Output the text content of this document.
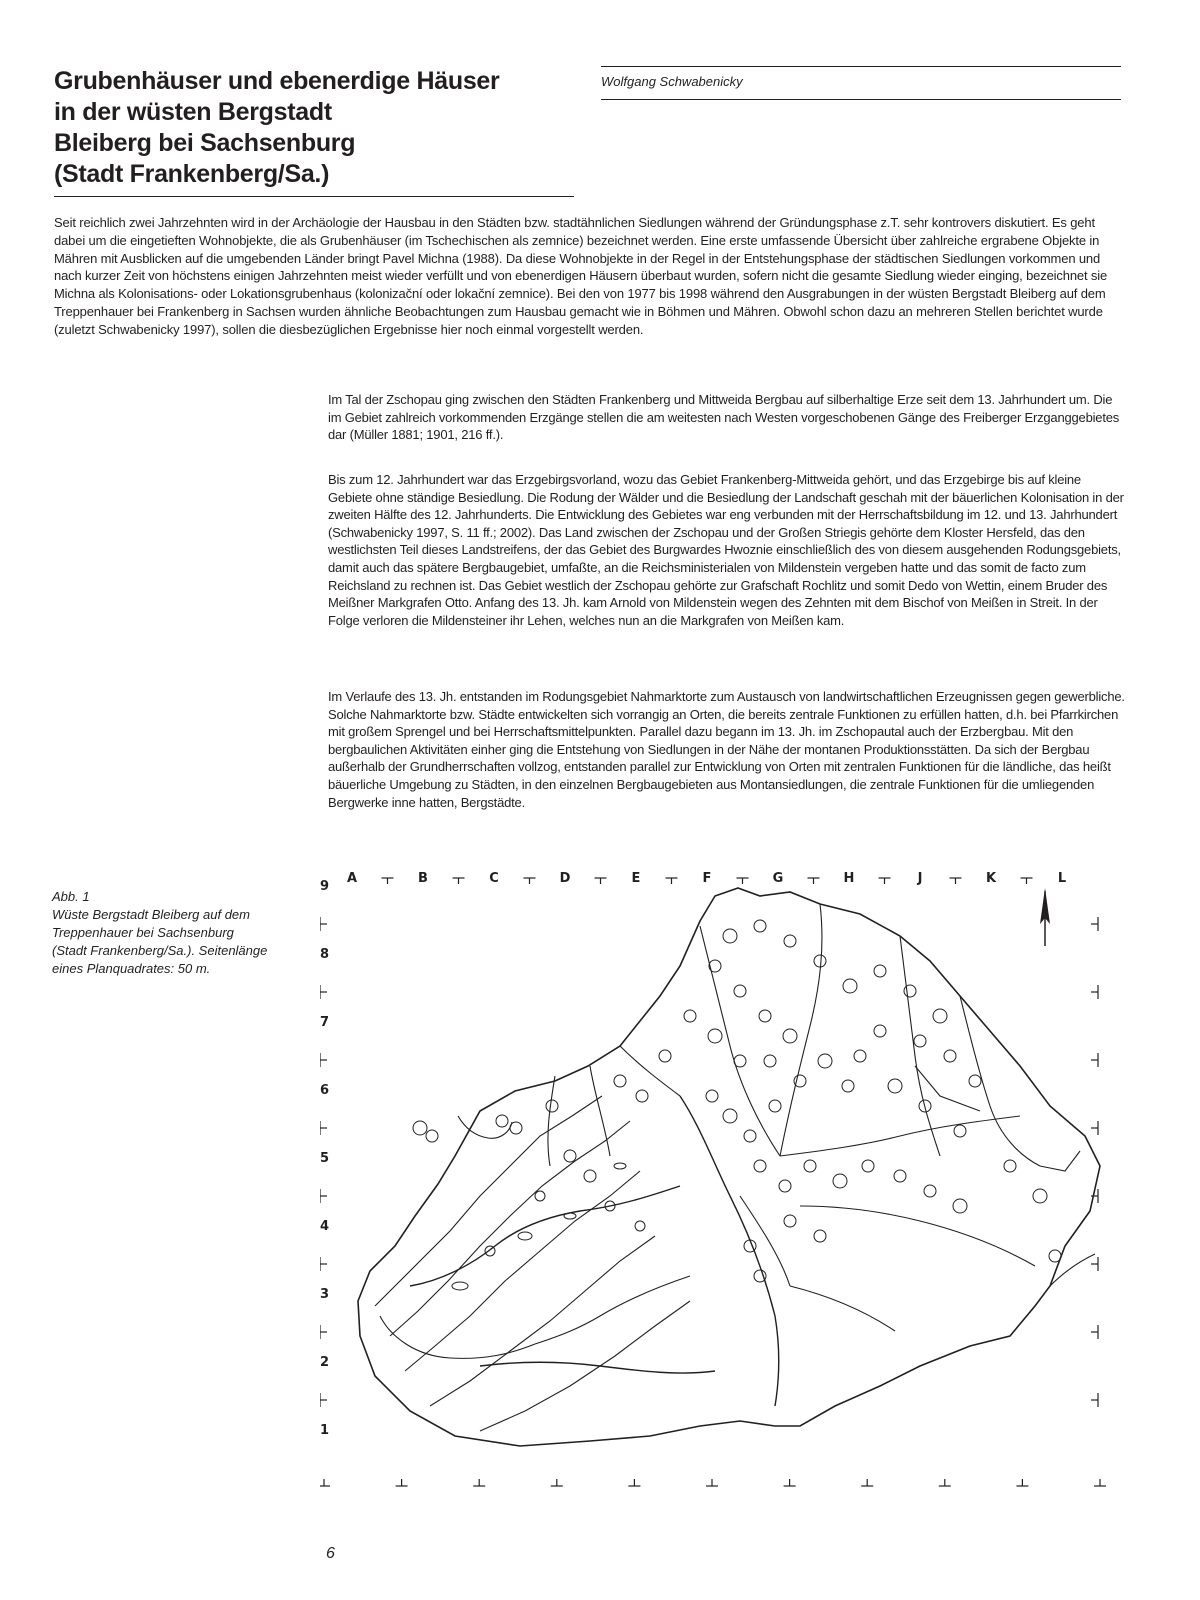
Grubenhäuser und ebenerdige Häuser
in der wüsten Bergstadt
Bleiberg bei Sachsenburg
(Stadt Frankenberg/Sa.)
Wolfgang Schwabenicky

Seit reichlich zwei Jahrzehnten wird in der Archäologie der Hausbau in den Städten bzw. stadtähnlichen Siedlungen während der Gründungsphase z.T. sehr kontrovers diskutiert. Es geht dabei um die eingetieften Wohnobjekte, die als Grubenhäuser (im Tschechischen als zemnice) bezeichnet werden. Eine erste umfassende Übersicht über zahlreiche ergrabene Objekte in Mähren mit Ausblicken auf die umgebenden Länder bringt Pavel Michna (1988). Da diese Wohnobjekte in der Regel in der Entstehungsphase der städtischen Siedlungen vorkommen und nach kurzer Zeit von höchstens einigen Jahrzehnten meist wieder verfüllt und von ebenerdigen Häusern überbaut wurden, sofern nicht die gesamte Siedlung wieder einging, bezeichnet sie Michna als Kolonisations- oder Lokationsgrubenhaus (kolonizační oder lokační zemnice). Bei den von 1977 bis 1998 während den Ausgrabungen in der wüsten Bergstadt Bleiberg auf dem Treppenhauer bei Frankenberg in Sachsen wurden ähnliche Beobachtungen zum Hausbau gemacht wie in Böhmen und Mähren. Obwohl schon dazu an mehreren Stellen berichtet wurde (zuletzt Schwabenicky 1997), sollen die diesbezüglichen Ergebnisse hier noch einmal vorgestellt werden.

Im Tal der Zschopau ging zwischen den Städten Frankenberg und Mittweida Bergbau auf silberhaltige Erze seit dem 13. Jahrhundert um. Die im Gebiet zahlreich vorkommenden Erzgänge stellen die am weitesten nach Westen vorgeschobenen Gänge des Freiberger Erzganggebietes dar (Müller 1881; 1901, 216 ff.).

Bis zum 12. Jahrhundert war das Erzgebirgsvorland, wozu das Gebiet Frankenberg-Mittweida gehört, und das Erzgebirge bis auf kleine Gebiete ohne ständige Besiedlung. Die Rodung der Wälder und die Besiedlung der Landschaft geschah mit der bäuerlichen Kolonisation in der zweiten Hälfte des 12. Jahrhunderts. Die Entwicklung des Gebietes war eng verbunden mit der Herrschaftsbildung im 12. und 13. Jahrhundert (Schwabenicky 1997, S. 11 ff.; 2002). Das Land zwischen der Zschopau und der Großen Striegis gehörte dem Kloster Hersfeld, das den westlichsten Teil dieses Landstreifens, der das Gebiet des Burgwardes Hwoznie einschließlich des von diesem ausgehenden Rodungsgebiets, damit auch das spätere Bergbaugebiet, umfaßte, an die Reichsministerialen von Mildenstein vergeben hatte und das somit de facto zum Reichsland zu rechnen ist. Das Gebiet westlich der Zschopau gehörte zur Grafschaft Rochlitz und somit Dedo von Wettin, einem Bruder des Meißner Markgrafen Otto. Anfang des 13. Jh. kam Arnold von Mildenstein wegen des Zehnten mit dem Bischof von Meißen in Streit. In der Folge verloren die Mildensteiner ihr Lehen, welches nun an die Markgrafen von Meißen kam.

Im Verlaufe des 13. Jh. entstanden im Rodungsgebiet Nahmarktorte zum Austausch von landwirtschaftlichen Erzeugnissen gegen gewerbliche. Solche Nahmarktorte bzw. Städte entwickelten sich vorrangig an Orten, die bereits zentrale Funktionen zu erfüllen hatten, d.h. bei Pfarrkirchen mit großem Sprengel und bei Herrschaftsmittelpunkten. Parallel dazu begann im 13. Jh. im Zschopautal auch der Erzbergbau. Mit den bergbaulichen Aktivitäten einher ging die Entstehung von Siedlungen in der Nähe der montanen Produktionsstätten. Da sich der Bergbau außerhalb der Grundherrschaften vollzog, entstanden parallel zur Entwicklung von Orten mit zentralen Funktionen für die ländliche, das heißt bäuerliche Umgebung zu Städten, in den einzelnen Bergbaugebieten aus Montansiedlungen, die zentrale Funktionen für die umliegenden Bergwerke inne hatten, Bergstädte.

Abb. 1
Wüste Bergstadt Bleiberg auf dem
Treppenhauer bei Sachsenburg
(Stadt Frankenberg/Sa.). Seitenlänge
eines Planquadrates: 50 m.
A	B	C	D	E	F	G	H	J	K	L
9
8
7
6
5
4
3
2
1
6
